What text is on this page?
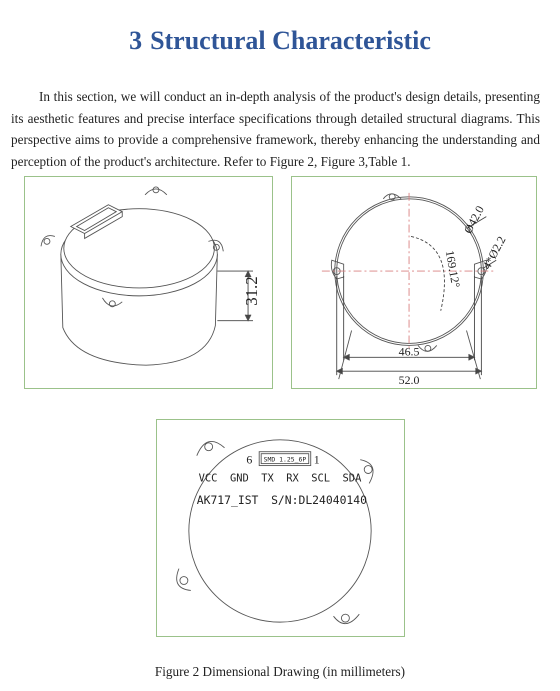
3 Structural Characteristic

In this section, we will conduct an in-depth analysis of the product's design details, presenting its aesthetic features and precise interface specifications through detailed structural diagrams. This perspective aims to provide a comprehensive framework, thereby enhancing the understanding and perception of the product's architecture. Refer to Figure 2, Figure 3,Table 1.

31.2
Ø42.0
4*Ø2.2
169.12°
46.5
52.0
6	1
SMD 1.25_6P
VCC  GND  TX  RX  SCL  SDA
AK717_IST S/N:DL24040140
Figure 2 Dimensional Drawing (in millimeters)
